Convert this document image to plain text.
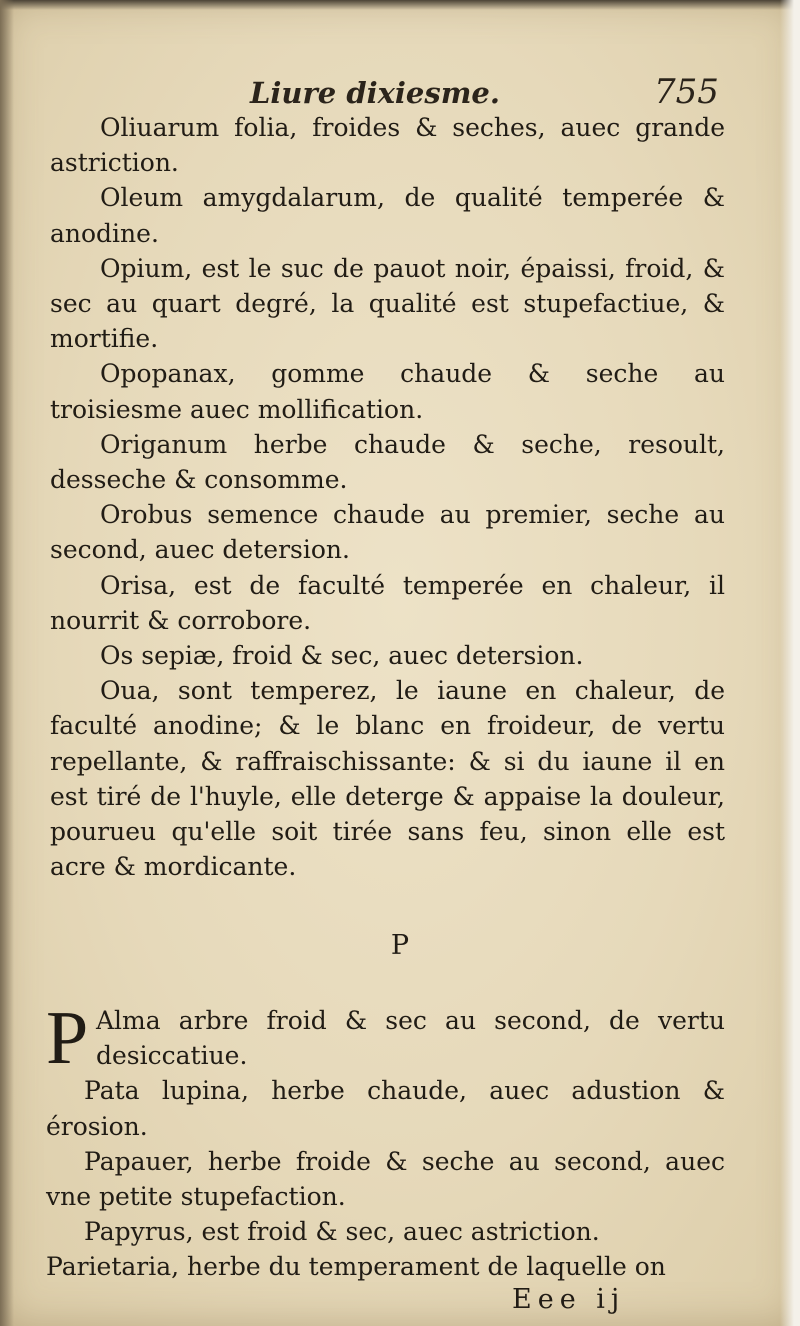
Liure dixiesme.	755

Oliuarum folia, froides & seches, auec grande astriction.

Oleum amygdalarum, de qualité temperée & anodine.

Opium, est le suc de pauot noir, épaissi, froid, & sec au quart degré, la qualité est stupefactiue, & mortifie.

Opopanax, gomme chaude & seche au troisiesme auec mollification.

Origanum herbe chaude & seche, resoult, desseche & consomme.

Orobus semence chaude au premier, seche au second, auec detersion.

Orisa, est de faculté temperée en chaleur, il nourrit & corrobore.

Os sepiæ, froid & sec, auec detersion.

Oua, sont temperez, le iaune en chaleur, de faculté anodine; & le blanc en froideur, de vertu repellante, & raffraischissante: & si du iaune il en est tiré de l'huyle, elle deterge & appaise la douleur, pourueu qu'elle soit tirée sans feu, sinon elle est acre & mordicante.

P

P Alma arbre froid & sec au second, de vertu desiccatiue.

Pata lupina, herbe chaude, auec adustion & érosion.

Papauer, herbe froide & seche au second, auec vne petite stupefaction.

Papyrus, est froid & sec, auec astriction.

Parietaria, herbe du temperament de laquelle on

Eee ij
